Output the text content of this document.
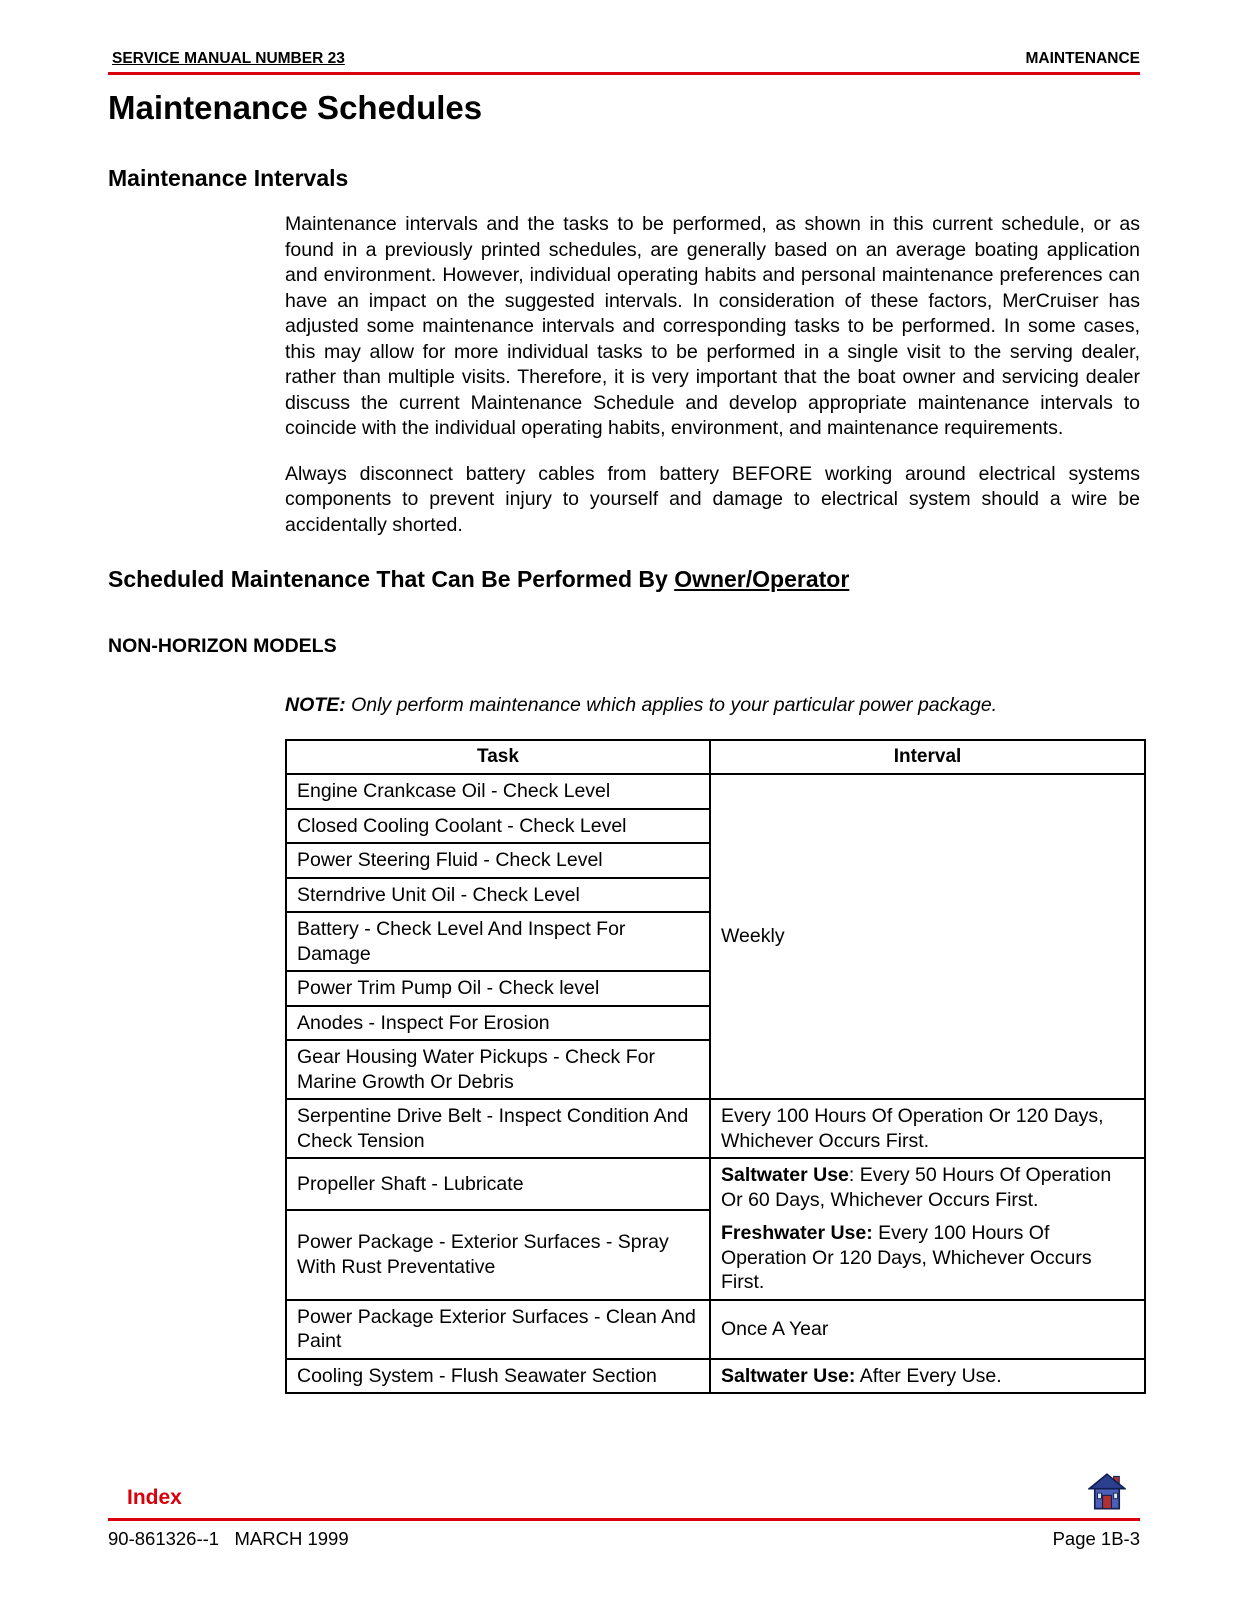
SERVICE MANUAL NUMBER 23	MAINTENANCE
Maintenance Schedules
Maintenance Intervals

Maintenance intervals and the tasks to be performed, as shown in this current schedule, or as found in a previously printed schedules, are generally based on an average boating application and environment. However, individual operating habits and personal maintenance preferences can have an impact on the suggested intervals. In consideration of these factors, MerCruiser has adjusted some maintenance intervals and corresponding tasks to be performed. In some cases, this may allow for more individual tasks to be performed in a single visit to the serving dealer, rather than multiple visits. Therefore, it is very important that the boat owner and servicing dealer discuss the current Maintenance Schedule and develop appropriate maintenance intervals to coincide with the individual operating habits, environment, and maintenance requirements.

Always disconnect battery cables from battery BEFORE working around electrical systems components to prevent injury to yourself and damage to electrical system should a wire be accidentally shorted.

Scheduled Maintenance That Can Be Performed By Owner/Operator
NON-HORIZON MODELS

NOTE: Only perform maintenance which applies to your particular power package.

Task	Interval
Engine Crankcase Oil - Check Level	Weekly

Closed Cooling Coolant - Check Level	
Power Steering Fluid - Check Level	
Sterndrive Unit Oil - Check Level	
Battery - Check Level And Inspect For Damage	
Power Trim Pump Oil - Check level	
Anodes - Inspect For Erosion	
Gear Housing Water Pickups - Check For Marine Growth Or Debris	
Serpentine Drive Belt - Inspect Condition And Check Tension	Every 100 Hours Of Operation Or 120 Days, Whichever Occurs First.

Propeller Shaft - Lubricate	Saltwater Use: Every 50 Hours Of Operation Or 60 Days, Whichever Occurs First.

Freshwater Use: Every 100 Hours Of Operation Or 120 Days, Whichever Occurs First.

Power Package - Exterior Surfaces - Spray With Rust Preventative	
Power Package Exterior Surfaces - Clean And Paint	Once A Year

Cooling System - Flush Seawater Section	Saltwater Use: After Every Use.

Index
90-861326--1   MARCH 1999	Page 1B-3
